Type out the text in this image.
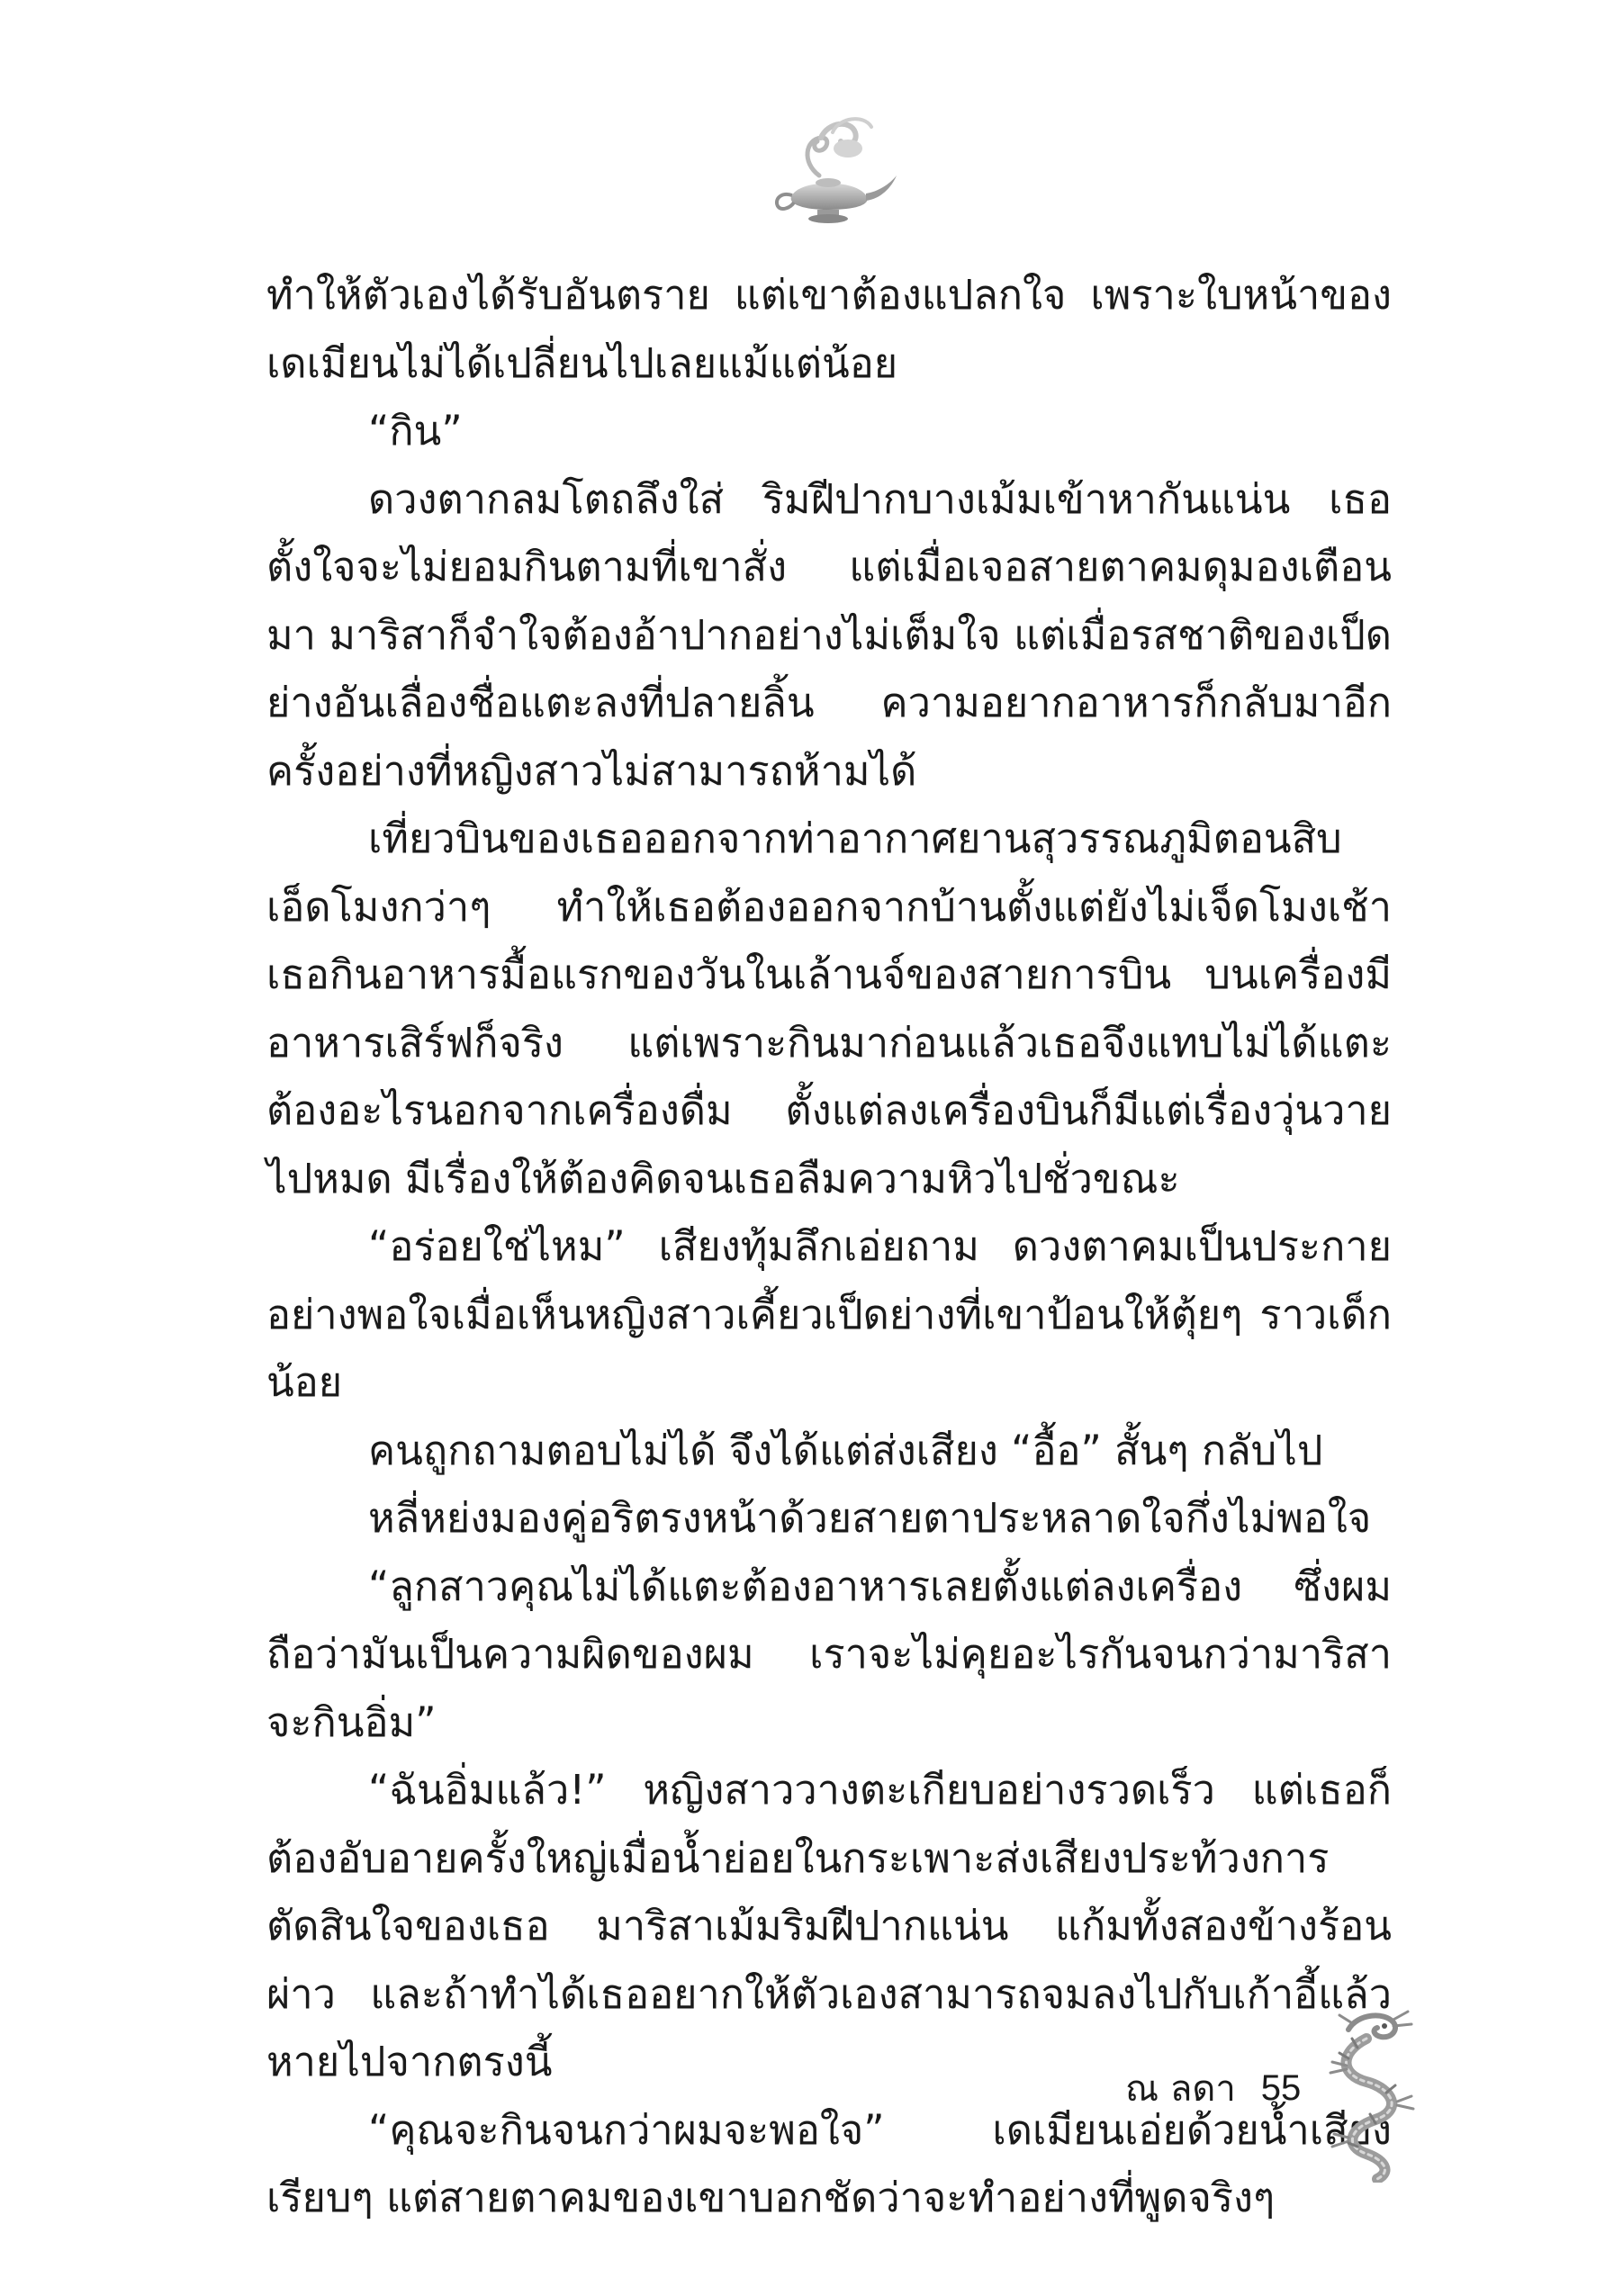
ทำให้ตัวเองได้รับอันตราย แต่เขาต้องแปลกใจ เพราะใบหน้าของเดเมียนไม่ได้เปลี่ยนไปเลยแม้แต่น้อย

“กิน”

ดวงตากลมโตถลึงใส่ ริมฝีปากบางเม้มเข้าหากันแน่น เธอตั้งใจจะไม่ยอมกินตามที่เขาสั่ง แต่เมื่อเจอสายตาคมดุมองเตือนมา มาริสาก็จำใจต้องอ้าปากอย่างไม่เต็มใจ แต่เมื่อรสชาติของเป็ดย่างอันเลื่องชื่อแตะลงที่ปลายลิ้น ความอยากอาหารก็กลับมาอีกครั้งอย่างที่หญิงสาวไม่สามารถห้ามได้

เที่ยวบินของเธอออกจากท่าอากาศยานสุวรรณภูมิตอนสิบเอ็ดโมงกว่าๆ ทำให้เธอต้องออกจากบ้านตั้งแต่ยังไม่เจ็ดโมงเช้า เธอกินอาหารมื้อแรกของวันในเล้านจ์ของสายการบิน บนเครื่องมีอาหารเสิร์ฟก็จริง แต่เพราะกินมาก่อนแล้วเธอจึงแทบไม่ได้แตะต้องอะไรนอกจากเครื่องดื่ม ตั้งแต่ลงเครื่องบินก็มีแต่เรื่องวุ่นวายไปหมด มีเรื่องให้ต้องคิดจนเธอลืมความหิวไปชั่วขณะ

“อร่อยใช่ไหม” เสียงทุ้มลึกเอ่ยถาม ดวงตาคมเป็นประกายอย่างพอใจเมื่อเห็นหญิงสาวเคี้ยวเป็ดย่างที่เขาป้อนให้ตุ้ยๆ ราวเด็กน้อย

คนถูกถามตอบไม่ได้ จึงได้แต่ส่งเสียง “อื้อ” สั้นๆ กลับไป

หลี่หย่งมองคู่อริตรงหน้าด้วยสายตาประหลาดใจกึ่งไม่พอใจ

“ลูกสาวคุณไม่ได้แตะต้องอาหารเลยตั้งแต่ลงเครื่อง ซึ่งผมถือว่ามันเป็นความผิดของผม เราจะไม่คุยอะไรกันจนกว่ามาริสาจะกินอิ่ม”

“ฉันอิ่มแล้ว!” หญิงสาววางตะเกียบอย่างรวดเร็ว แต่เธอก็ต้องอับอายครั้งใหญ่เมื่อน้ำย่อยในกระเพาะส่งเสียงประท้วงการตัดสินใจของเธอ มาริสาเม้มริมฝีปากแน่น แก้มทั้งสองข้างร้อนผ่าว และถ้าทำได้เธออยากให้ตัวเองสามารถจมลงไปกับเก้าอี้แล้วหายไปจากตรงนี้

“คุณจะกินจนกว่าผมจะพอใจ” เดเมียนเอ่ยด้วยน้ำเสียงเรียบๆ แต่สายตาคมของเขาบอกชัดว่าจะทำอย่างที่พูดจริงๆ

ณ ลดา 55
